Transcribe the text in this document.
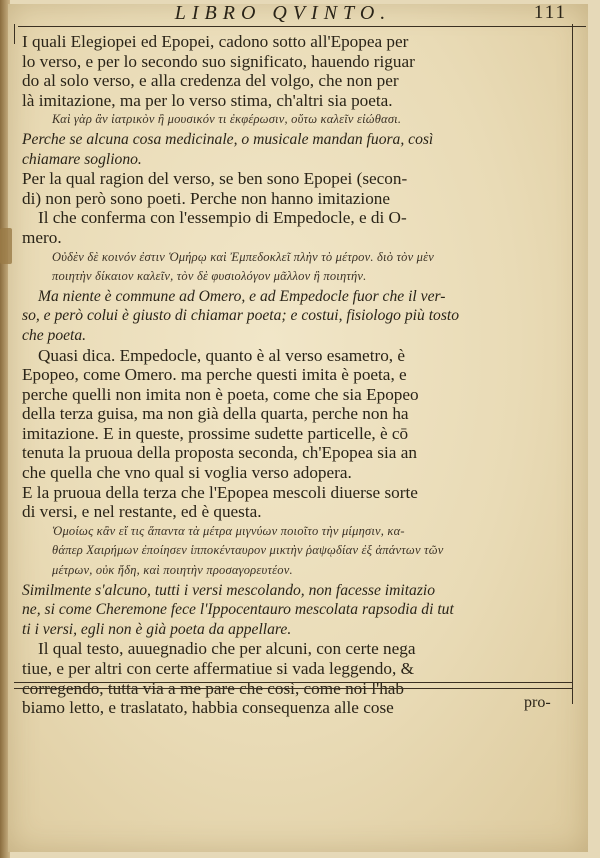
LIBRO QVINTO.	111
I quali Elegiopei ed Epopei, cadono sotto all'Epopea per
lo verso, e per lo secondo suo significato, hauendo riguar
do al solo verso, e alla credenza del volgo, che non per
là imitazione, ma per lo verso stima, ch'altri sia poeta.
Καὶ γὰρ ἂν ἰατρικὸν ἢ μουσικόν τι ἐκφέρωσιν, οὕτω καλεῖν εἰώθασι.
Perche se alcuna cosa medicinale, o musicale mandan fuora, così
chiamare sogliono.
Per la qual ragion del verso, se ben sono Epopei (secon-
di) non però sono poeti. Perche non hanno imitazione
Il che conferma con l'essempio di Empedocle, e di O-
mero.
Οὐδὲν δὲ κοινόν ἐστιν Ὁμήρῳ καὶ Ἐμπεδοκλεῖ πλὴν τὸ μέτρον. διὸ τὸν μὲν
ποιητὴν δίκαιον καλεῖν, τὸν δὲ φυσιολόγον μᾶλλον ἢ ποιητήν.
Ma niente è commune ad Omero, e ad Empedocle fuor che il ver-
so, e però colui è giusto di chiamar poeta; e costui, fisiologo più tosto
che poeta.
Quasi dica. Empedocle, quanto è al verso esametro, è
Epopeo, come Omero. ma perche questi imita è poeta, e
perche quelli non imita non è poeta, come che sia Epopeo
della terza guisa, ma non già della quarta, perche non ha
imitazione. E in queste, prossime sudette particelle, è cō
tenuta la pruoua della proposta seconda, ch'Epopea sia an
che quella che vno qual si voglia verso adopera.
E la pruoua della terza che l'Epopea mescoli diuerse sorte
di versi, e nel restante, ed è questa.
Ὁμοίως κἂν εἴ τις ἅπαντα τὰ μέτρα μιγνύων ποιοῖτο τὴν μίμησιν, κα-
θάπερ Χαιρήμων ἐποίησεν ἱπποκένταυρον μικτὴν ῥαψῳδίαν ἐξ ἁπάντων τῶν
μέτρων, οὐκ ἤδη, καὶ ποιητὴν προσαγορευτέον.
Similmente s'alcuno, tutti i versi mescolando, non facesse imitazio
ne, si come Cheremone fece l'Ippocentauro mescolata rapsodia di tut
ti i versi, egli non è già poeta da appellare.
Il qual testo, auuegnadio che per alcuni, con certe nega
tiue, e per altri con certe affermatiue si vada leggendo, &
corregendo, tutta via a me pare che così, come noi l'hab
biamo letto, e traslatato, habbia consequenza alle cose	pro-
